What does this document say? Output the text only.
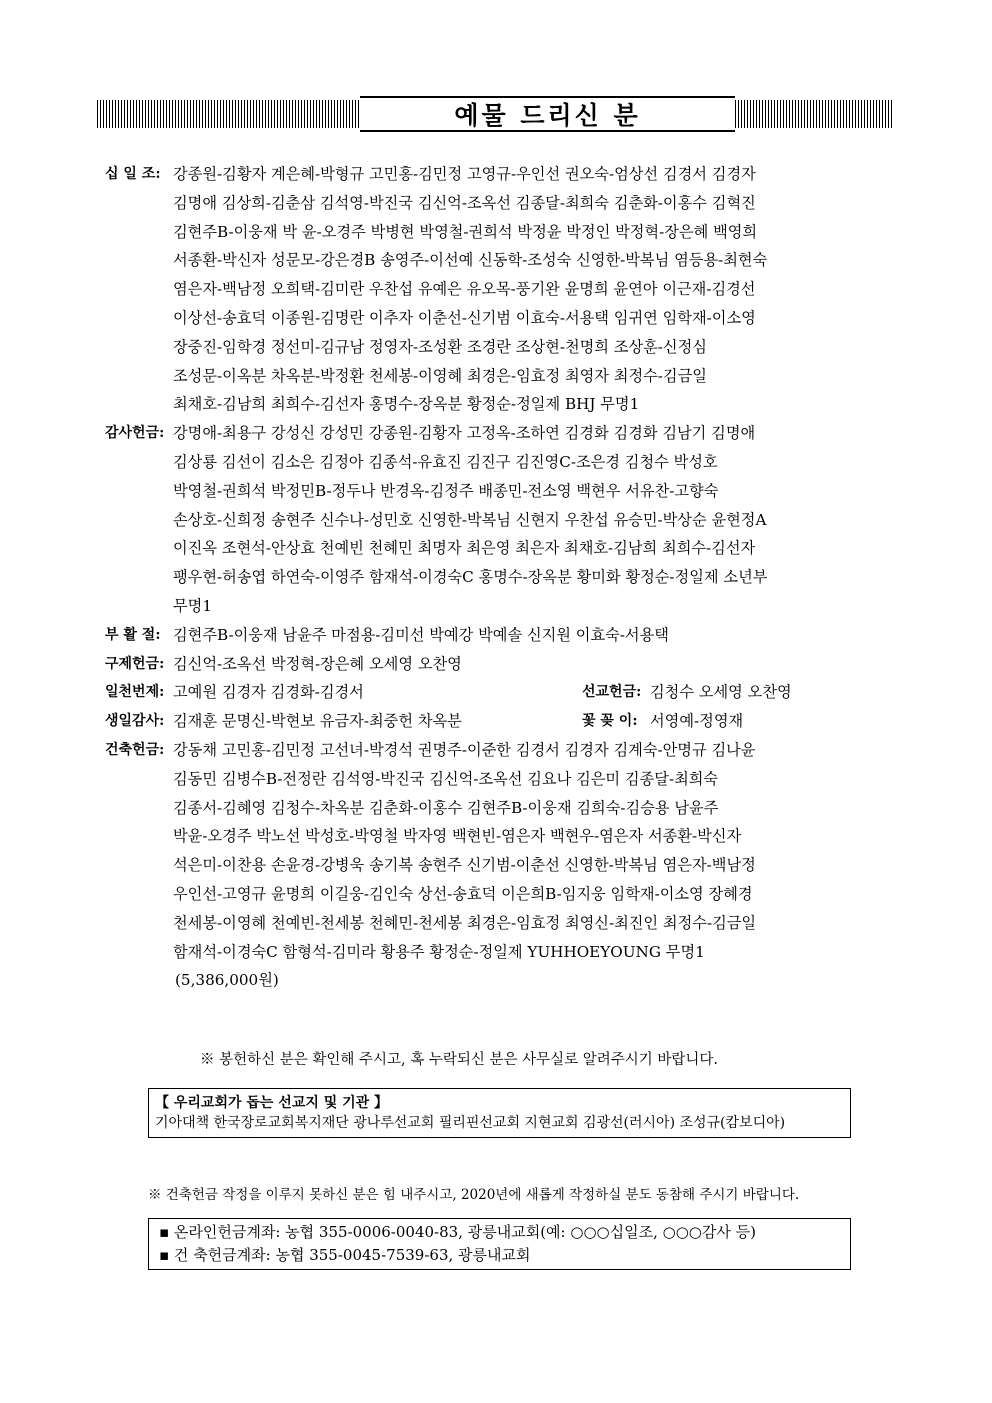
예물 드리신 분
십 일 조: 강종원-김황자 계은혜-박형규 고민홍-김민정 고영규-우인선 권오숙-엄상선 김경서 김경자
김명애 김상희-김춘삼 김석영-박진국 김신억-조옥선 김종달-최희숙 김춘화-이홍수 김혁진
김현주B-이웅재 박 윤-오경주 박병현 박영철-권희석 박정윤 박정인 박정혁-장은혜 백영희
서종환-박신자 성문모-강은경B 송영주-이선예 신동학-조성숙 신영한-박복님 염등용-최현숙
염은자-백남정 오희택-김미란 우찬섭 유예은 유오목-풍기완 윤명희 윤연아 이근재-김경선
이상선-송효덕 이종원-김명란 이추자 이춘선-신기범 이효숙-서용택 임귀연 임학재-이소영
장중진-임학경 정선미-김규남 정영자-조성환 조경란 조상현-천명희 조상훈-신정심
조성문-이옥분 차옥분-박정환 천세봉-이영혜 최경은-임효정 최영자 최정수-김금일
최채호-김남희 최희수-김선자 홍명수-장옥분 황정순-정일제 BHJ 무명1
감사헌금: 강명애-최용구 강성신 강성민 강종원-김황자 고정옥-조하연 김경화 김경화 김남기 김명애
김상룡 김선이 김소은 김정아 김종석-유효진 김진구 김진영C-조은경 김청수 박성호
박영철-권희석 박정민B-정두나 반경옥-김정주 배종민-전소영 백현우 서유찬-고향숙
손상호-신희정 송현주 신수나-성민호 신영한-박복님 신현지 우찬섭 유승민-박상순 윤현정A
이진옥 조현석-안상효 천예빈 천혜민 최명자 최은영 최은자 최채호-김남희 최희수-김선자
팽우현-허송엽 하연숙-이영주 함재석-이경숙C 홍명수-장옥분 황미화 황정순-정일제 소년부
무명1
부 활 절: 김현주B-이웅재 남윤주 마점용-김미선 박예강 박예솔 신지원 이효숙-서용택
구제헌금: 김신억-조옥선 박정혁-장은혜 오세영 오찬영
일천번제: 고예원 김경자 김경화-김경서	선교헌금: 김청수 오세영 오찬영
생일감사: 김재훈 문명신-박현보 유금자-최중헌 차옥분	꽃 꽂 이: 서영예-정영재
건축헌금: 강동채 고민홍-김민정 고선녀-박경석 권명주-이준한 김경서 김경자 김계숙-안명규 김나윤
김동민 김병수B-전정란 김석영-박진국 김신억-조옥선 김요나 김은미 김종달-최희숙
김종서-김혜영 김청수-차옥분 김춘화-이홍수 김현주B-이웅재 김희숙-김승용 남윤주
박윤-오경주 박노선 박성호-박영철 박자영 백현빈-염은자 백현우-염은자 서종환-박신자
석은미-이찬용 손윤경-강병욱 송기복 송현주 신기범-이춘선 신영한-박복님 염은자-백남정
우인선-고영규 윤명희 이길웅-김인숙 상선-송효덕 이은희B-임지웅 임학재-이소영 장혜경
천세봉-이영혜 천예빈-천세봉 천혜민-천세봉 최경은-임효정 최영신-최진인 최정수-김금일
함재석-이경숙C 함형석-김미라 황용주 황정순-정일제 YUHHOEYOUNG 무명1
(5,386,000원)
※ 봉헌하신 분은 확인해 주시고, 혹 누락되신 분은 사무실로 알려주시기 바랍니다.
【 우리교회가 돕는 선교지 및 기관 】
기아대책 한국장로교회복지재단 광나루선교회 필리핀선교회 지현교회 김광선(러시아) 조성규(캄보디아)
※ 건축헌금 작정을 이루지 못하신 분은 힘 내주시고, 2020년에 새롭게 작정하실 분도 동참해 주시기 바랍니다.
▪ 온라인헌금계좌: 농협 355-0006-0040-83, 광릉내교회(예: ○○○십일조, ○○○감사 등)
▪ 건 축헌금계좌: 농협 355-0045-7539-63, 광릉내교회
